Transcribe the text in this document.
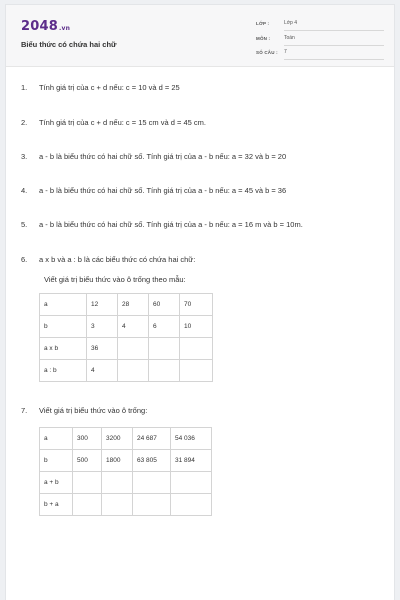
2048.vn
Biểu thức có chứa hai chữ
LỚP :	Lớp 4
MÔN :	Toán
SỐ CÂU : 7
1. Tính giá trị của c + d nếu: c = 10 và d = 25
2. Tính giá trị của c + d nếu: c = 15 cm và d = 45 cm.
3. a - b là biểu thức có hai chữ số. Tính giá trị của a - b nếu: a = 32 và b = 20
4. a - b là biểu thức có hai chữ số. Tính giá trị của a - b nếu: a = 45 và b = 36
5. a - b là biểu thức có hai chữ số. Tính giá trị của a - b nếu: a = 16 m và b = 10m.
6. a x b và a : b là các biểu thức có chứa hai chữ:
Viết giá trị biểu thức vào ô trống theo mẫu:
a	12	28	60	70
b	3	4	6	10
a x b	36			
a : b	4			
7. Viết giá trị biểu thức vào ô trống:
a	300	3200	24 687	54 036
b	500	1800	63 805	31 894
a + b				
b + a				
